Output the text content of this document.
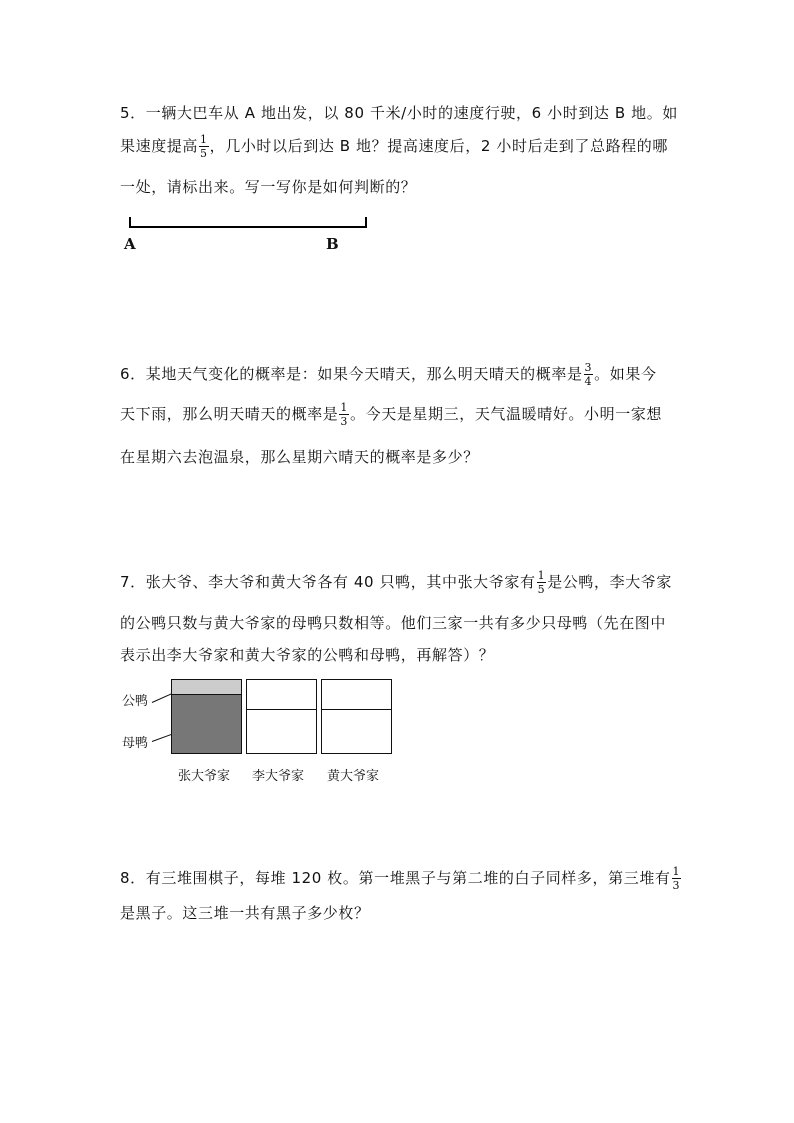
5．一辆大巴车从 A 地出发，以 80 千米/小时的速度行驶，6 小时到达 B 地。如
果速度提高 $\frac{1}{5}$ ，几小时以后到达 B 地？提高速度后，2 小时后走到了总路程的哪
一处，请标出来。写一写你是如何判断的？
A	B
6．某地天气变化的概率是：如果今天晴天，那么明天晴天的概率是 $\frac{3}{4}$ 。如果今
天下雨，那么明天晴天的概率是 $\frac{1}{3}$ 。今天是星期三，天气温暖晴好。小明一家想
在星期六去泡温泉，那么星期六晴天的概率是多少？
7．张大爷、李大爷和黄大爷各有 40 只鸭，其中张大爷家有 $\frac{1}{5}$ 是公鸭，李大爷家
的公鸭只数与黄大爷家的母鸭只数相等。他们三家一共有多少只母鸭（先在图中
表示出李大爷家和黄大爷家的公鸭和母鸭，再解答）？
公鸭
母鸭
张大爷家 李大爷家 黄大爷家
8．有三堆围棋子，每堆 120 枚。第一堆黑子与第二堆的白子同样多，第三堆有 $\frac{1}{3}$
是黑子。这三堆一共有黑子多少枚？
